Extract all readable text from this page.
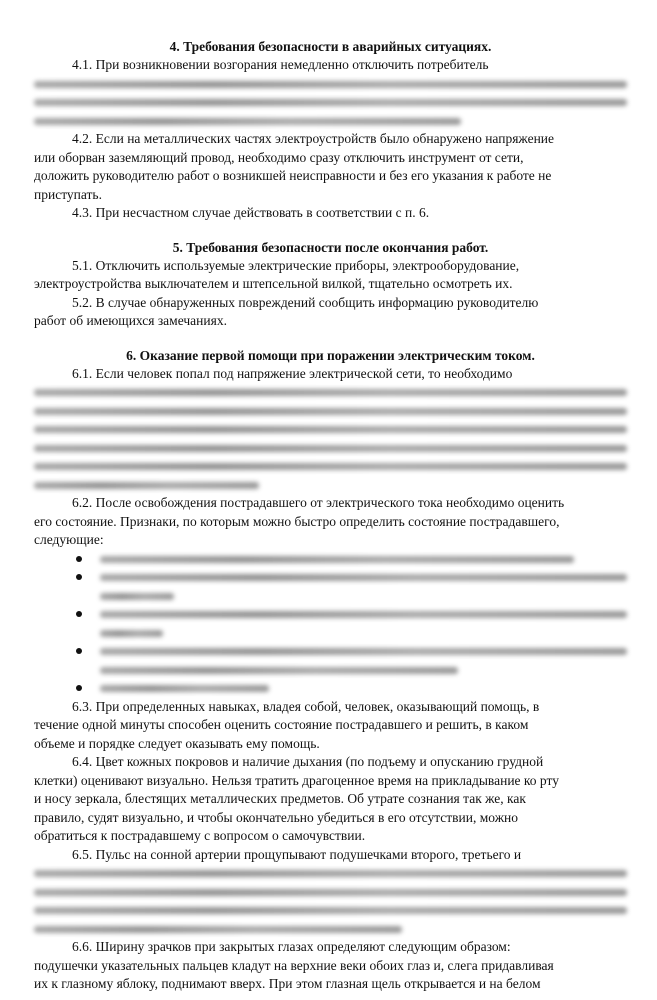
4. Требования безопасности в аварийных ситуациях.
4.1. При возникновении возгорания немедленно отключить потребитель
4.2. Если на металлических частях электроустройств было обнаружено напряжение
или оборван заземляющий провод, необходимо сразу отключить инструмент от сети,
доложить руководителю работ о возникшей неисправности и без его указания к работе не
приступать.
4.3. При несчастном случае действовать в соответствии с п. 6.
5. Требования безопасности после окончания работ.
5.1. Отключить используемые электрические приборы, электрооборудование,
электроустройства выключателем и штепсельной вилкой, тщательно осмотреть их.
5.2. В случае обнаруженных повреждений сообщить информацию руководителю
работ об имеющихся замечаниях.
6. Оказание первой помощи при поражении электрическим током.
6.1. Если человек попал под напряжение электрической сети, то необходимо
6.2. После освобождения пострадавшего от электрического тока необходимо оценить
его состояние. Признаки, по которым можно быстро определить состояние пострадавшего,
следующие:
6.3. При определенных навыках, владея собой, человек, оказывающий помощь, в
течение одной минуты способен оценить состояние пострадавшего и решить, в каком
объеме и порядке следует оказывать ему помощь.
6.4. Цвет кожных покровов и наличие дыхания (по подъему и опусканию грудной
клетки) оценивают визуально. Нельзя тратить драгоценное время на прикладывание ко рту
и носу зеркала, блестящих металлических предметов. Об утрате сознания так же, как
правило, судят визуально, и чтобы окончательно убедиться в его отсутствии, можно
обратиться к пострадавшему с вопросом о самочувствии.
6.5. Пульс на сонной артерии прощупывают подушечками второго, третьего и
6.6. Ширину зрачков при закрытых глазах определяют следующим образом:
подушечки указательных пальцев кладут на верхние веки обоих глаз и, слега придавливая
их к глазному яблоку, поднимают вверх. При этом глазная щель открывается и на белом
